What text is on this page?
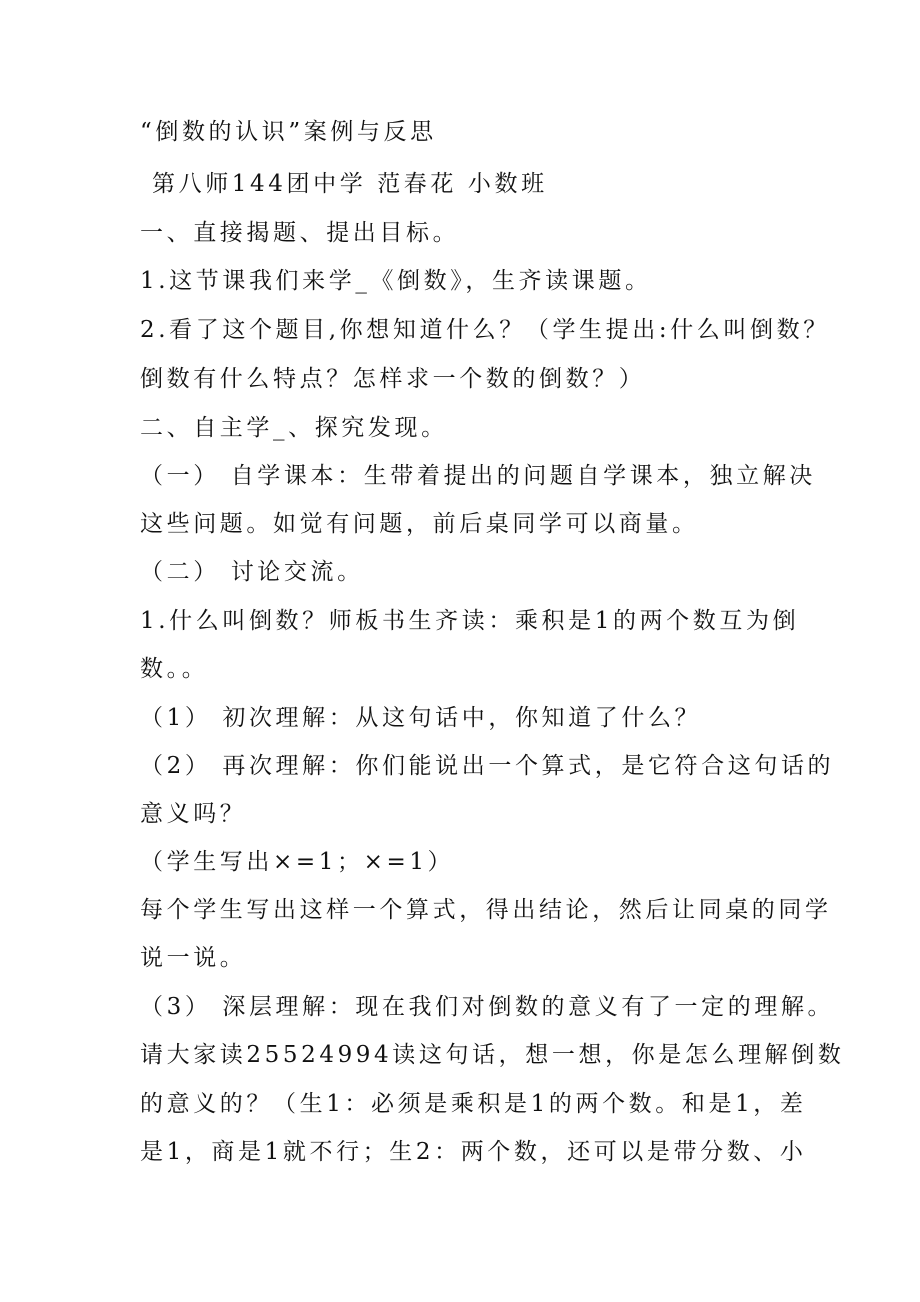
“倒数的认识”案例与反思
第八师144团中学 范春花 小数班
一、直接揭题、提出目标。
1.这节课我们来学_《倒数》，生齐读课题。
2.看了这个题目,你想知道什么？（学生提出:什么叫倒数？
倒数有什么特点？怎样求一个数的倒数？）
二、自主学_、探究发现。
（一） 自学课本：生带着提出的问题自学课本，独立解决
这些问题。如觉有问题，前后桌同学可以商量。
（二） 讨论交流。
1.什么叫倒数？师板书生齐读：乘积是1的两个数互为倒
数。。
（1） 初次理解：从这句话中，你知道了什么？
（2） 再次理解：你们能说出一个算式，是它符合这句话的
意义吗？
（学生写出×=1；×=1）
每个学生写出这样一个算式，得出结论，然后让同桌的同学
说一说。
（3） 深层理解：现在我们对倒数的意义有了一定的理解。
请大家读25524994读这句话，想一想，你是怎么理解倒数
的意义的？（生1：必须是乘积是1的两个数。和是1，差
是1，商是1就不行；生2：两个数，还可以是带分数、小
